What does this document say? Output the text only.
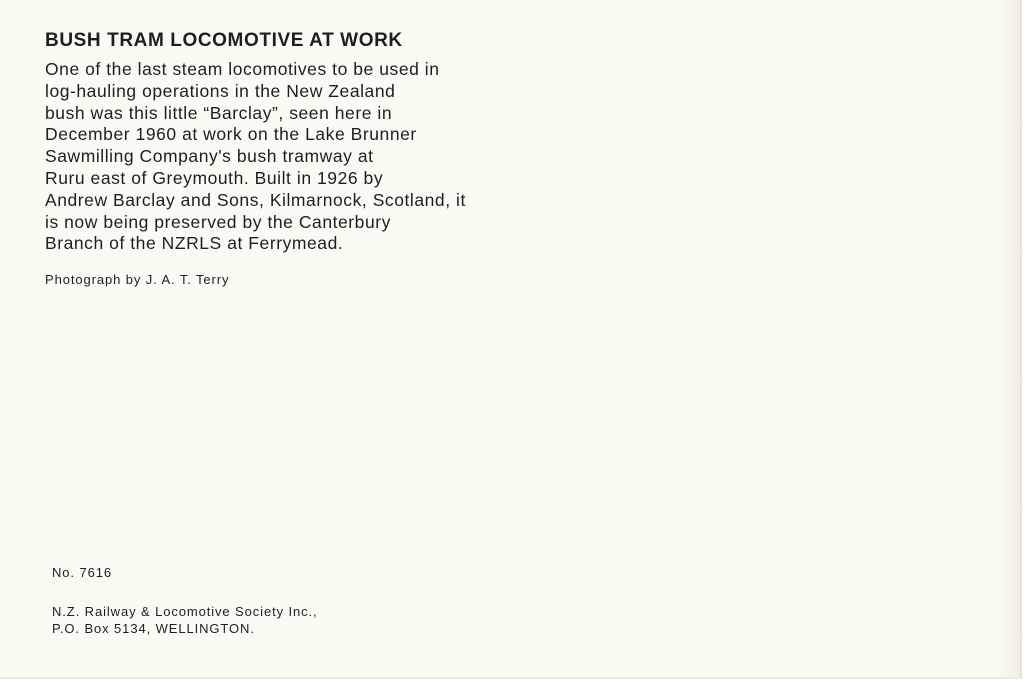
BUSH TRAM LOCOMOTIVE AT WORK
One of the last steam locomotives to be used in
log-hauling operations in the New Zealand
bush was this little “Barclay”, seen here in
December 1960 at work on the Lake Brunner
Sawmilling Company's bush tramway at
Ruru east of Greymouth. Built in 1926 by
Andrew Barclay and Sons, Kilmarnock, Scotland, it
is now being preserved by the Canterbury
Branch of the NZRLS at Ferrymead.
Photograph by J. A. T. Terry
No. 7616
N.Z. Railway & Locomotive Society Inc.,
P.O. Box 5134, WELLINGTON.
